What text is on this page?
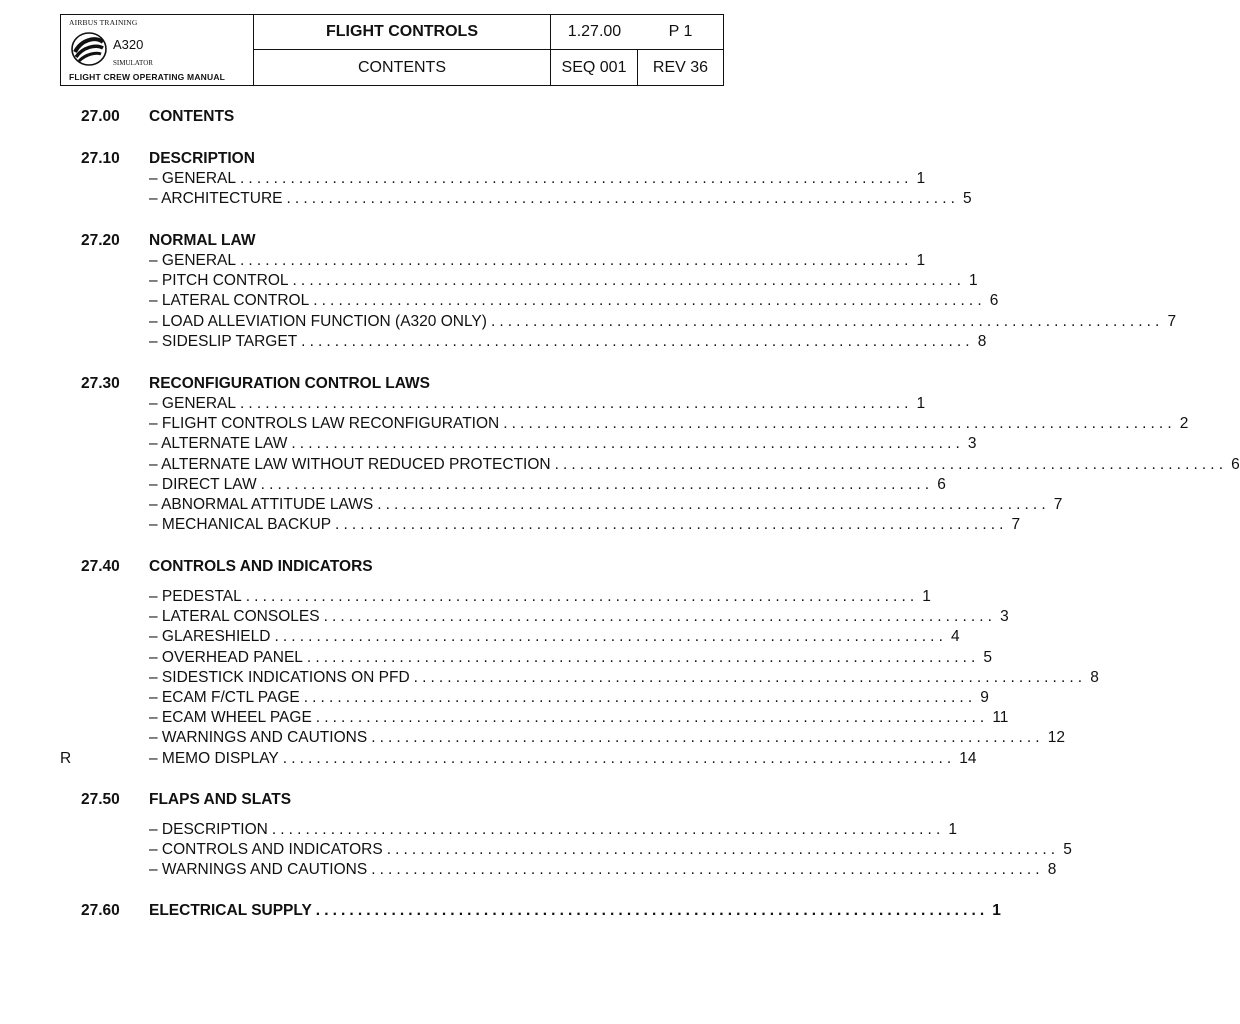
AIRBUS TRAINING
A320
SIMULATOR
FLIGHT CREW OPERATING MANUAL
FLIGHT CONTROLS
CONTENTS
1.27.00	P 1
SEQ 001	REV 36
27.00 CONTENTS
27.10 DESCRIPTION
– GENERAL ................................................................................ 1
– ARCHITECTURE ................................................................................ 5
27.20 NORMAL LAW
– GENERAL ................................................................................ 1
– PITCH CONTROL ................................................................................ 1
– LATERAL CONTROL ................................................................................ 6
– LOAD ALLEVIATION FUNCTION (A320 ONLY) ................................................................................ 7
– SIDESLIP TARGET ................................................................................ 8
27.30 RECONFIGURATION CONTROL LAWS
– GENERAL ................................................................................ 1
– FLIGHT CONTROLS LAW RECONFIGURATION ................................................................................ 2
– ALTERNATE LAW ................................................................................ 3
– ALTERNATE LAW WITHOUT REDUCED PROTECTION ................................................................................ 6
– DIRECT LAW ................................................................................ 6
– ABNORMAL ATTITUDE LAWS ................................................................................ 7
– MECHANICAL BACKUP ................................................................................ 7
27.40 CONTROLS AND INDICATORS
– PEDESTAL ................................................................................ 1
– LATERAL CONSOLES ................................................................................ 3
– GLARESHIELD ................................................................................ 4
– OVERHEAD PANEL ................................................................................ 5
– SIDESTICK INDICATIONS ON PFD ................................................................................ 8
– ECAM F/CTL PAGE ................................................................................ 9
– ECAM WHEEL PAGE ................................................................................ 11
– WARNINGS AND CAUTIONS ................................................................................ 12
– MEMO DISPLAY ................................................................................ 14
R
27.50 FLAPS AND SLATS
– DESCRIPTION ................................................................................ 1
– CONTROLS AND INDICATORS ................................................................................ 5
– WARNINGS AND CAUTIONS ................................................................................ 8
27.60 ELECTRICAL SUPPLY ................................................................................ 1
